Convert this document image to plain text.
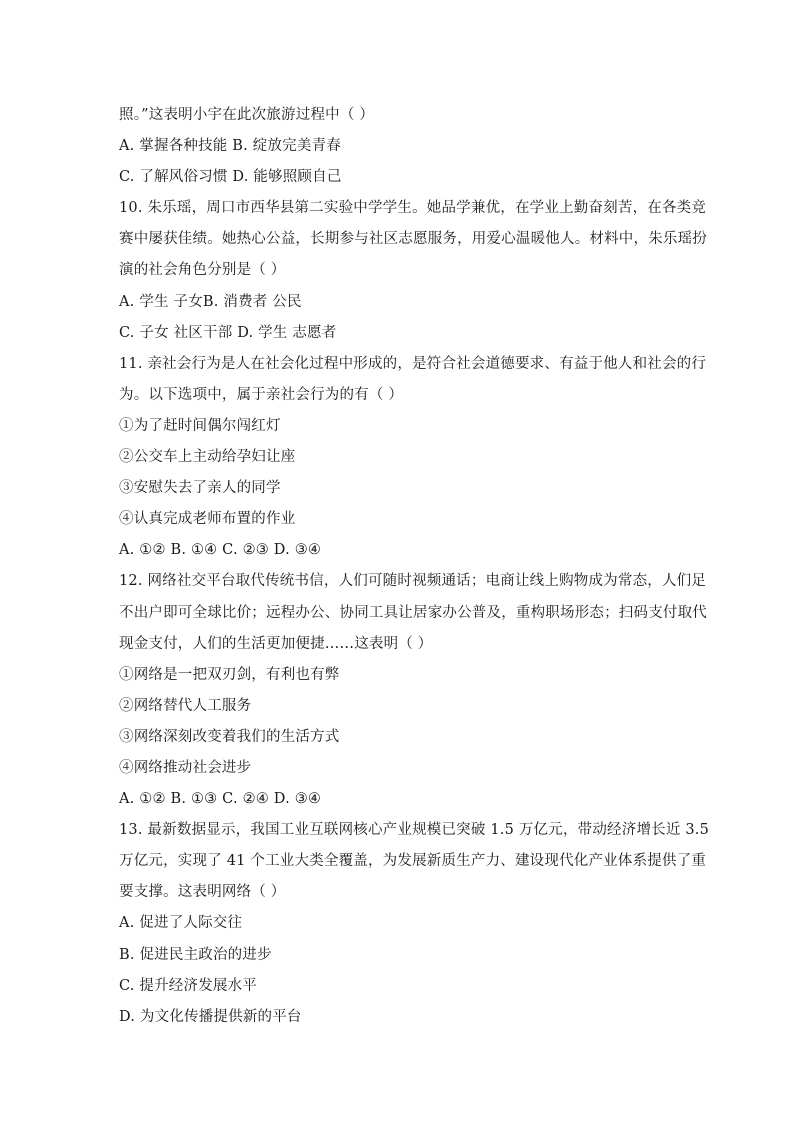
照。”这表明小宇在此次旅游过程中（ ）
A. 掌握各种技能 B. 绽放完美青春
C. 了解风俗习惯 D. 能够照顾自己
10. 朱乐瑶，周口市西华县第二实验中学学生。她品学兼优，在学业上勤奋刻苦，在各类竞
赛中屡获佳绩。她热心公益，长期参与社区志愿服务，用爱心温暖他人。材料中，朱乐瑶扮
演的社会角色分别是（ ）
A. 学生 子女B. 消费者 公民
C. 子女 社区干部 D. 学生 志愿者
11. 亲社会行为是人在社会化过程中形成的，是符合社会道德要求、有益于他人和社会的行
为。以下选项中，属于亲社会行为的有（ ）
①为了赶时间偶尔闯红灯
②公交车上主动给孕妇让座
③安慰失去了亲人的同学
④认真完成老师布置的作业
A. ①② B. ①④ C. ②③ D. ③④
12. 网络社交平台取代传统书信，人们可随时视频通话；电商让线上购物成为常态，人们足
不出户即可全球比价；远程办公、协同工具让居家办公普及，重构职场形态；扫码支付取代
现金支付，人们的生活更加便捷……这表明（ ）
①网络是一把双刃剑，有利也有弊
②网络替代人工服务
③网络深刻改变着我们的生活方式
④网络推动社会进步
A. ①② B. ①③ C. ②④ D. ③④
13. 最新数据显示，我国工业互联网核心产业规模已突破 1.5 万亿元，带动经济增长近 3.5
万亿元，实现了 41 个工业大类全覆盖，为发展新质生产力、建设现代化产业体系提供了重
要支撑。这表明网络（ ）
A. 促进了人际交往
B. 促进民主政治的进步
C. 提升经济发展水平
D. 为文化传播提供新的平台
